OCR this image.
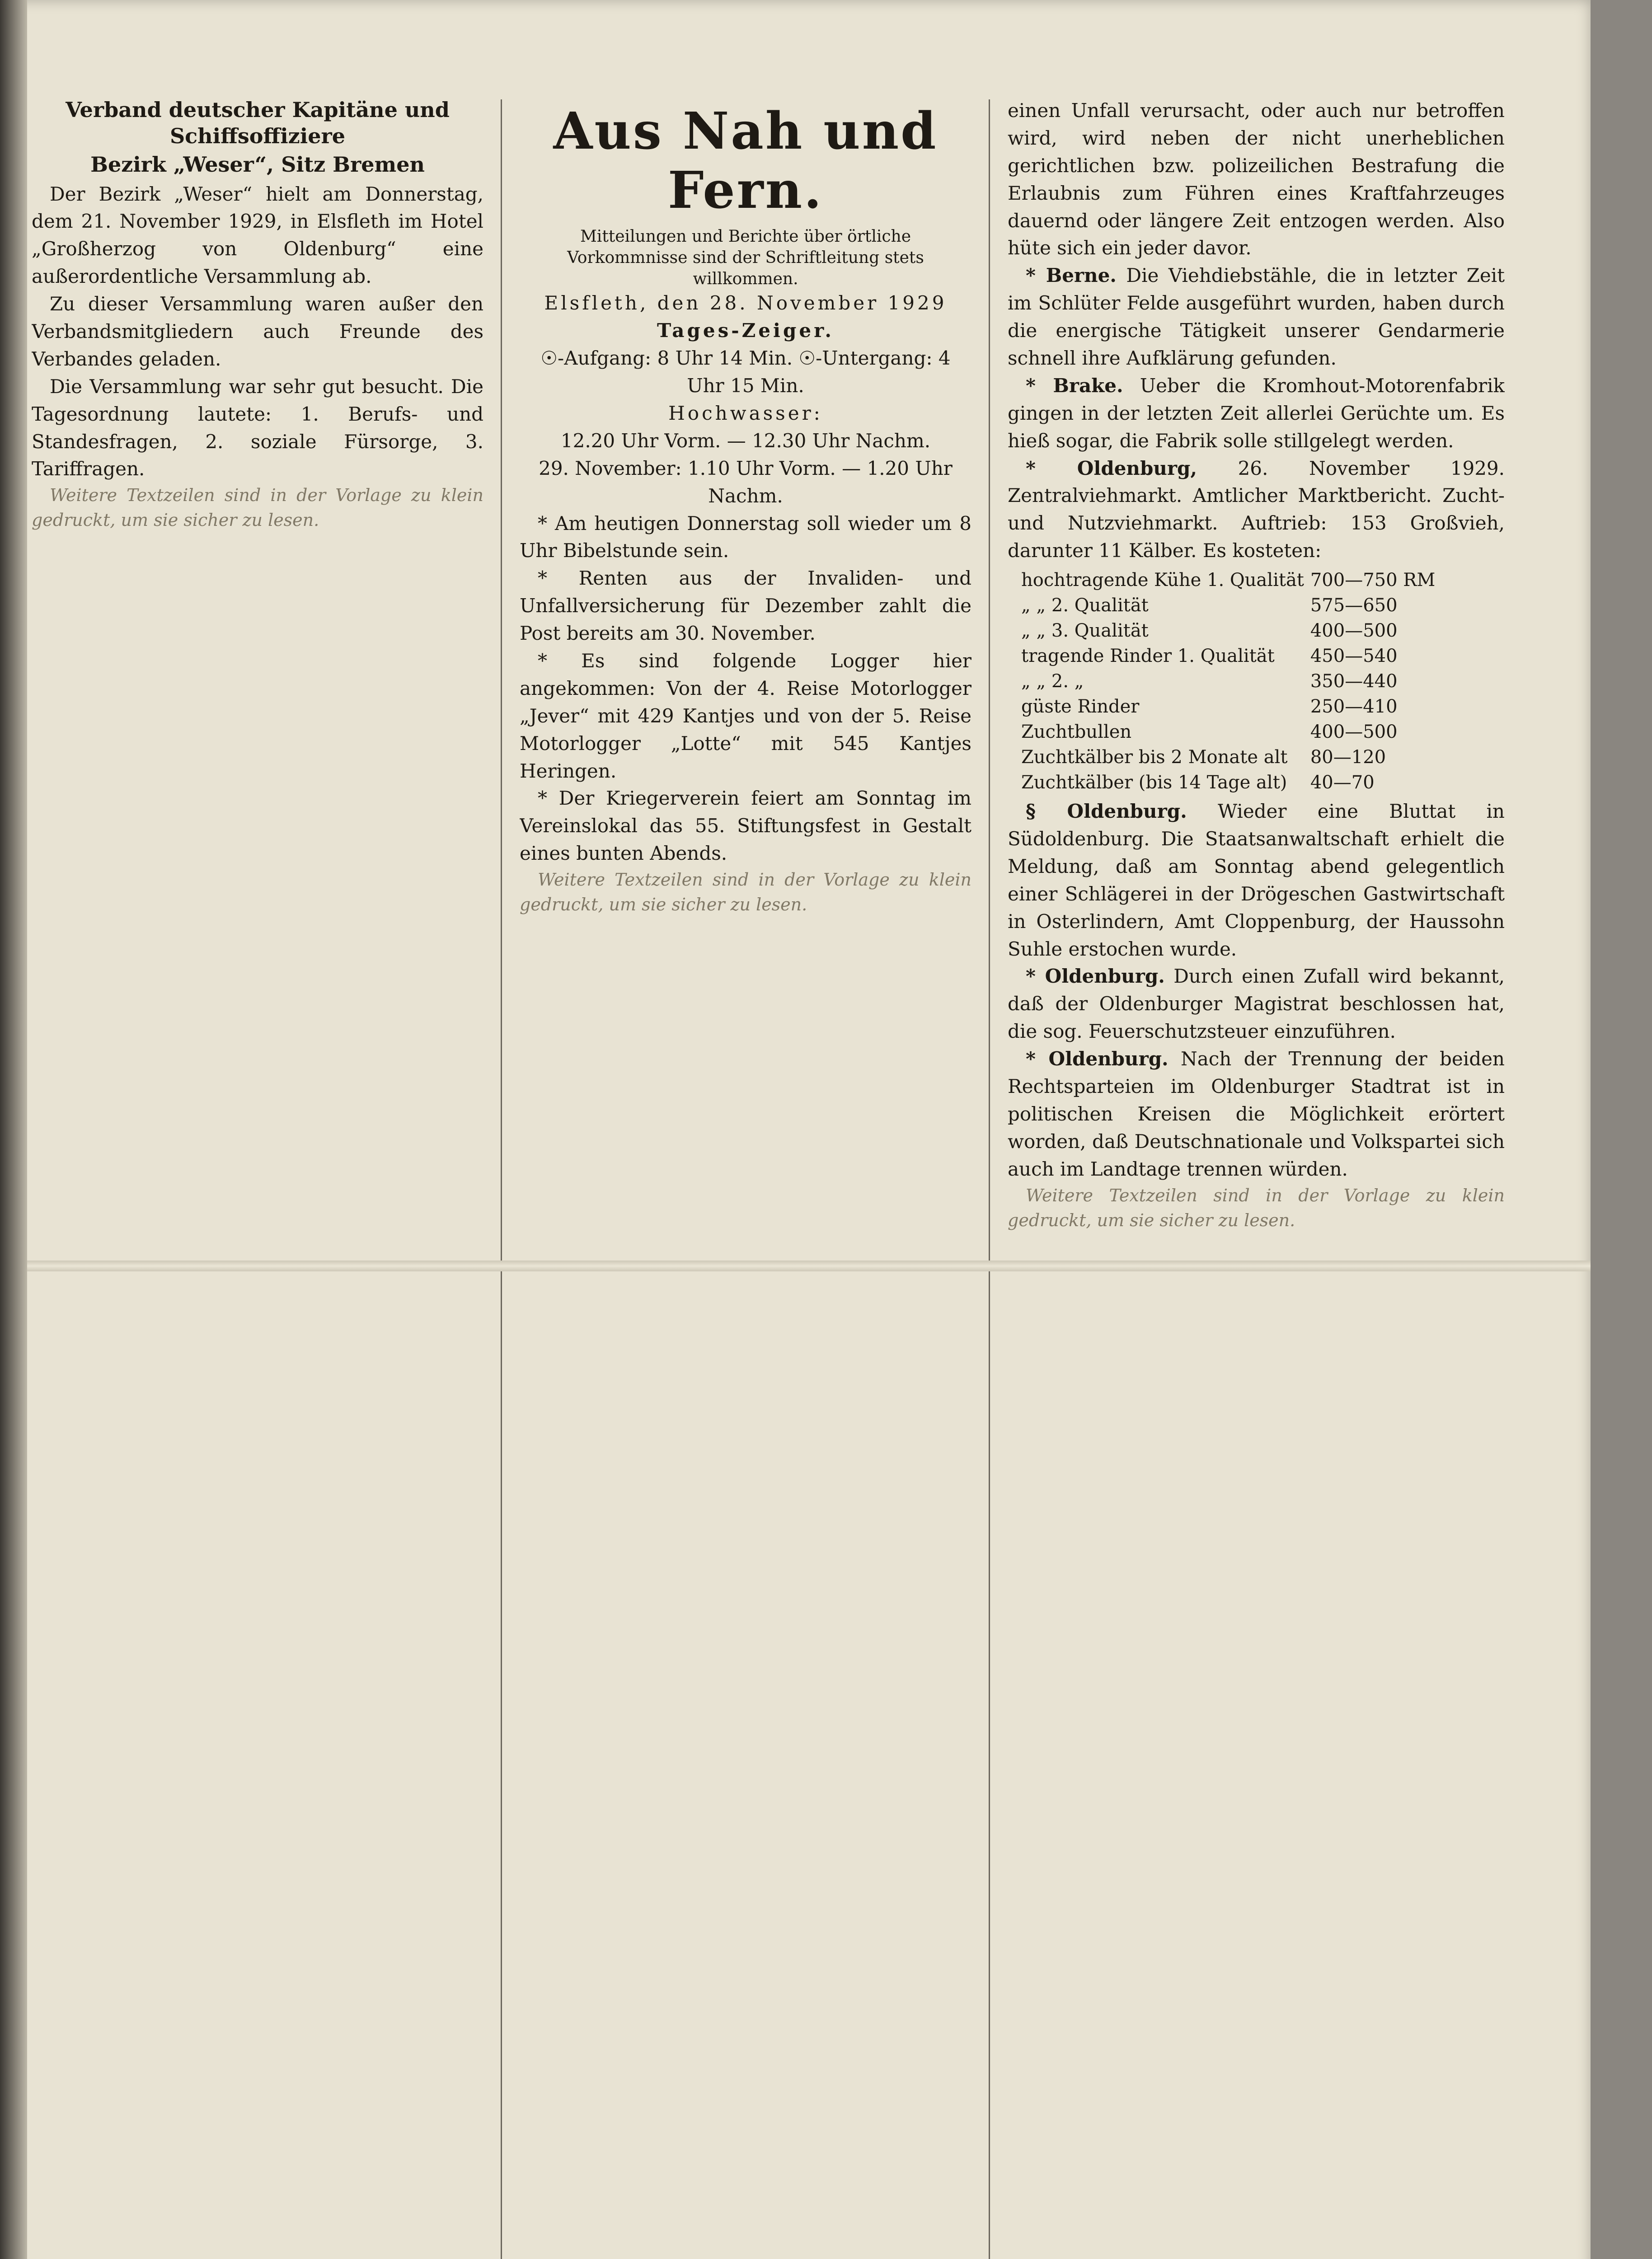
Verband deutscher Kapitäne und Schiffsoffiziere
Bezirk „Weser“, Sitz Bremen

Der Bezirk „Weser“ hielt am Donnerstag, dem 21. November 1929, in Elsfleth im Hotel „Großherzog von Oldenburg“ eine außerordentliche Versammlung ab.

Zu dieser Versammlung waren außer den Verbandsmitgliedern auch Freunde des Verbandes geladen.

Die Versammlung war sehr gut besucht. Die Tagesordnung lautete: 1. Berufs- und Standesfragen, 2. soziale Fürsorge, 3. Tariffragen.

Weitere Textzeilen sind in der Vorlage zu klein gedruckt, um sie sicher zu lesen.

Aus Nah und Fern.
Mitteilungen und Berichte über örtliche Vorkommnisse sind der Schriftleitung stets willkommen.
Elsfleth, den 28. November 1929
Tages-Zeiger.
☉-Aufgang: 8 Uhr 14 Min. ☉-Untergang: 4 Uhr 15 Min.
Hochwasser:
12.20 Uhr Vorm. — 12.30 Uhr Nachm.
29. November: 1.10 Uhr Vorm. — 1.20 Uhr Nachm.

* Am heutigen Donnerstag soll wieder um 8 Uhr Bibelstunde sein.

* Renten aus der Invaliden- und Unfallversicherung für Dezember zahlt die Post bereits am 30. November.

* Es sind folgende Logger hier angekommen: Von der 4. Reise Motorlogger „Jever“ mit 429 Kantjes und von der 5. Reise Motorlogger „Lotte“ mit 545 Kantjes Heringen.

* Der Kriegerverein feiert am Sonntag im Vereinslokal das 55. Stiftungsfest in Gestalt eines bunten Abends.

Weitere Textzeilen sind in der Vorlage zu klein gedruckt, um sie sicher zu lesen.

einen Unfall verursacht, oder auch nur betroffen wird, wird neben der nicht unerheblichen gerichtlichen bzw. polizeilichen Bestrafung die Erlaubnis zum Führen eines Kraftfahrzeuges dauernd oder längere Zeit entzogen werden. Also hüte sich ein jeder davor.

* Berne. Die Viehdiebstähle, die in letzter Zeit im Schlüter Felde ausgeführt wurden, haben durch die energische Tätigkeit unserer Gendarmerie schnell ihre Aufklärung gefunden.

* Brake. Ueber die Kromhout-Motorenfabrik gingen in der letzten Zeit allerlei Gerüchte um. Es hieß sogar, die Fabrik solle stillgelegt werden.

* Oldenburg, 26. November 1929. Zentralviehmarkt. Amtlicher Marktbericht. Zucht- und Nutzviehmarkt. Auftrieb: 153 Großvieh, darunter 11 Kälber. Es kosteten:

hochtragende Kühe 1. Qualität	700—750 RM
„ „ 2. Qualität	575—650
„ „ 3. Qualität	400—500
tragende Rinder 1. Qualität	450—540
„ „ 2. „	350—440
güste Rinder	250—410
Zuchtbullen	400—500
Zuchtkälber bis 2 Monate alt	80—120
Zuchtkälber (bis 14 Tage alt)	40—70

§ Oldenburg. Wieder eine Bluttat in Südoldenburg. Die Staatsanwaltschaft erhielt die Meldung, daß am Sonntag abend gelegentlich einer Schlägerei in der Drögeschen Gastwirtschaft in Osterlindern, Amt Cloppenburg, der Haussohn Suhle erstochen wurde.

* Oldenburg. Durch einen Zufall wird bekannt, daß der Oldenburger Magistrat beschlossen hat, die sog. Feuerschutzsteuer einzuführen.

* Oldenburg. Nach der Trennung der beiden Rechtsparteien im Oldenburger Stadtrat ist in politischen Kreisen die Möglichkeit erörtert worden, daß Deutschnationale und Volkspartei sich auch im Landtage trennen würden.

Weitere Textzeilen sind in der Vorlage zu klein gedruckt, um sie sicher zu lesen.
